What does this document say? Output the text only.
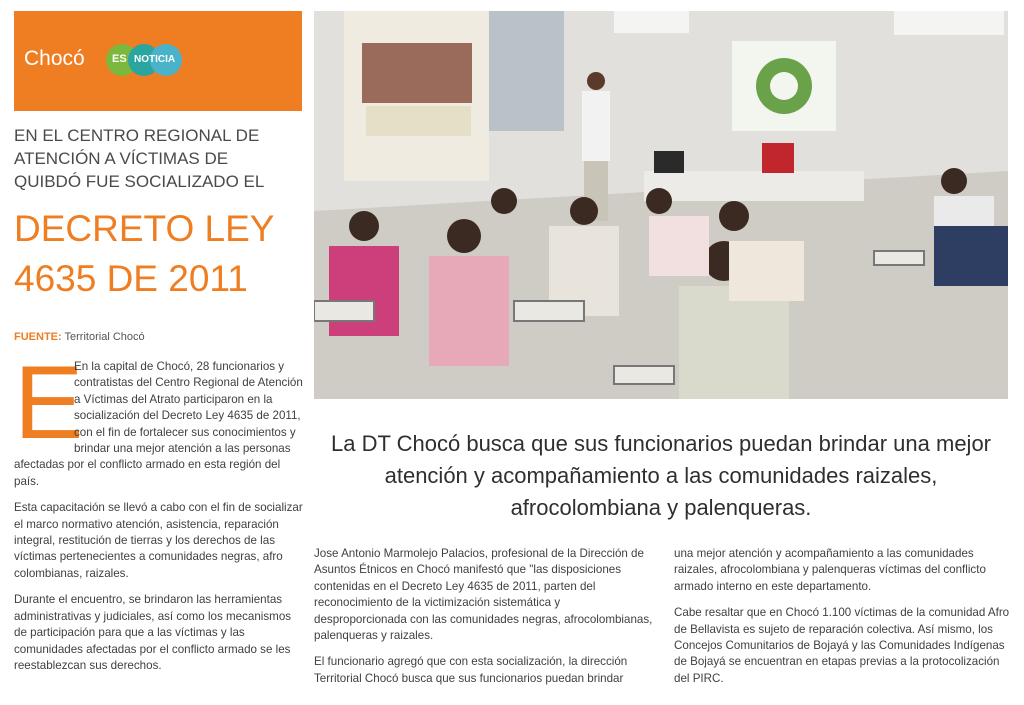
Chocó ES NOTICIA
EN EL CENTRO REGIONAL DE
ATENCIÓN A VÍCTIMAS DE
QUIBDÓ FUE SOCIALIZADO EL
DECRETO LEY
4635 DE 2011
FUENTE: Territorial Chocó
E

En la capital de Chocó, 28 funcionarios y contratistas del Centro Regional de Atención a Víctimas del Atrato participaron en la socialización del Decreto Ley 4635 de 2011, con el fin de fortalecer sus conocimientos y brindar una mejor atención a las personas afectadas por el conflicto armado en esta región del país.

Esta capacitación se llevó a cabo con el fin de socializar el marco normativo atención, asistencia, reparación integral, restitución de tierras y los derechos de las víctimas pertenecientes a comunidades negras, afro colombianas, raizales.

Durante el encuentro, se brindaron las herramientas administrativas y judiciales, así como los mecanismos de participación para que a las víctimas y las comunidades afectadas por el conflicto armado se les reestablezcan sus derechos.

La DT Chocó busca que sus funcionarios puedan brindar una mejor atención y acompañamiento a las comunidades raizales, afrocolombiana y palenqueras.

Jose Antonio Marmolejo Palacios, profesional de la Dirección de Asuntos Étnicos en Chocó manifestó que "las disposiciones contenidas en el Decreto Ley 4635 de 2011, parten del reconocimiento de la victimización sistemática y desproporcionada con las comunidades negras, afrocolombianas, palenqueras y raizales.

El funcionario agregó que con esta socialización, la dirección Territorial Chocó busca que sus funcionarios puedan brindar

una mejor atención y acompañamiento a las comunidades raizales, afrocolombiana y palenqueras víctimas del conflicto armado interno en este departamento.

Cabe resaltar que en Chocó 1.100 víctimas de la comunidad Afro de Bellavista es sujeto de reparación colectiva. Así mismo, los Concejos Comunitarios de Bojayá y las Comunidades Indígenas de Bojayá se encuentran en etapas previas a la protocolización del PIRC.
